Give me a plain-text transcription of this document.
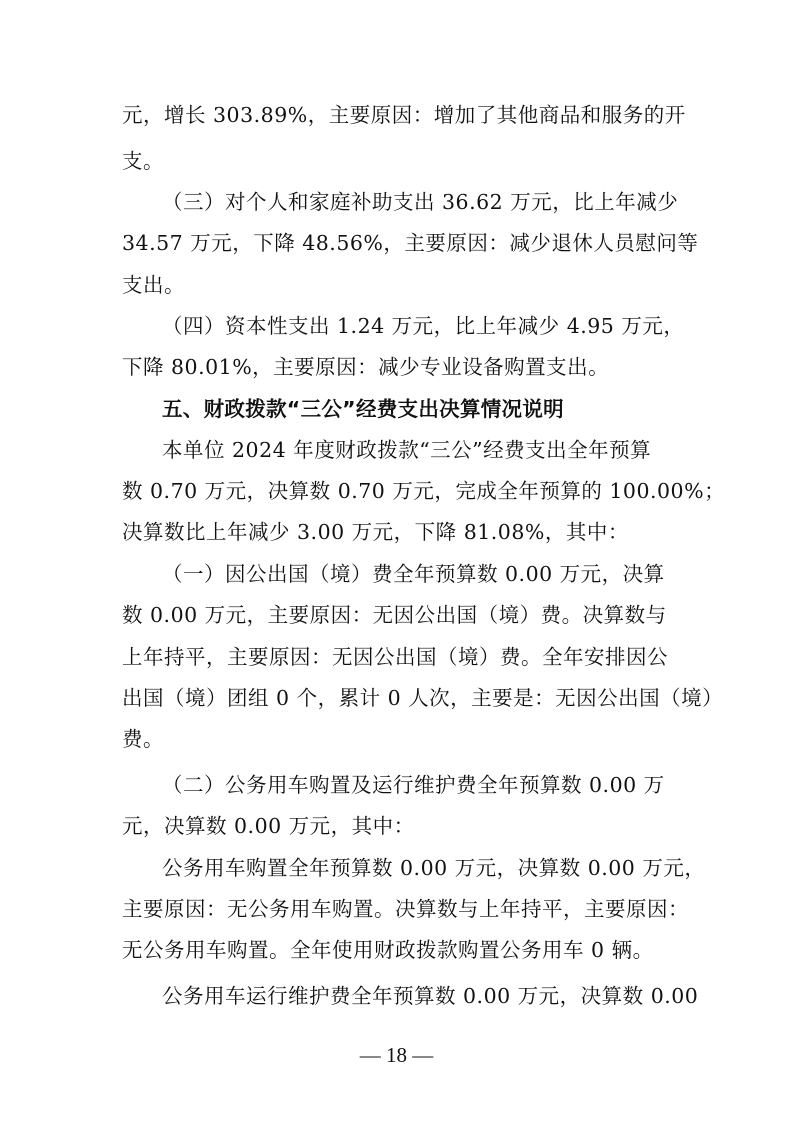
元，增长 303.89%，主要原因：增加了其他商品和服务的开
支。
（三）对个人和家庭补助支出 36.62 万元，比上年减少
34.57 万元，下降 48.56%，主要原因：减少退休人员慰问等
支出。
（四）资本性支出 1.24 万元，比上年减少 4.95 万元，
下降 80.01%，主要原因：减少专业设备购置支出。
五、财政拨款“三公”经费支出决算情况说明
本单位 2024 年度财政拨款“三公”经费支出全年预算
数 0.70 万元，决算数 0.70 万元，完成全年预算的 100.00%；
决算数比上年减少 3.00 万元，下降 81.08%，其中：
（一）因公出国（境）费全年预算数 0.00 万元，决算
数 0.00 万元，主要原因：无因公出国（境）费。决算数与
上年持平，主要原因：无因公出国（境）费。全年安排因公
出国（境）团组 0 个，累计 0 人次，主要是：无因公出国（境）
费。
（二）公务用车购置及运行维护费全年预算数 0.00 万
元，决算数 0.00 万元，其中：
公务用车购置全年预算数 0.00 万元，决算数 0.00 万元，
主要原因：无公务用车购置。决算数与上年持平，主要原因：
无公务用车购置。全年使用财政拨款购置公务用车 0 辆。
公务用车运行维护费全年预算数 0.00 万元，决算数 0.00
— 18 —
